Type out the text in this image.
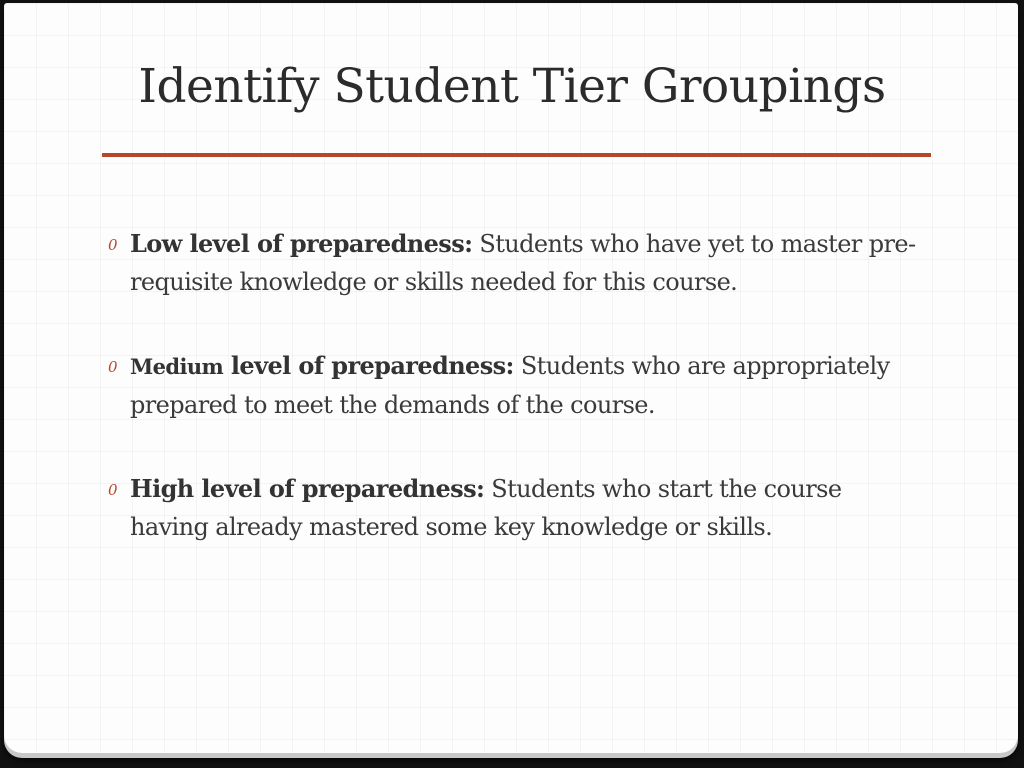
Identify Student Tier Groupings
0 Low level of preparedness: Students who have yet to master pre-requisite knowledge or skills needed for this course.
0 Medium level of preparedness: Students who are appropriately prepared to meet the demands of the course.
0 High level of preparedness: Students who start the course having already mastered some key knowledge or skills.
